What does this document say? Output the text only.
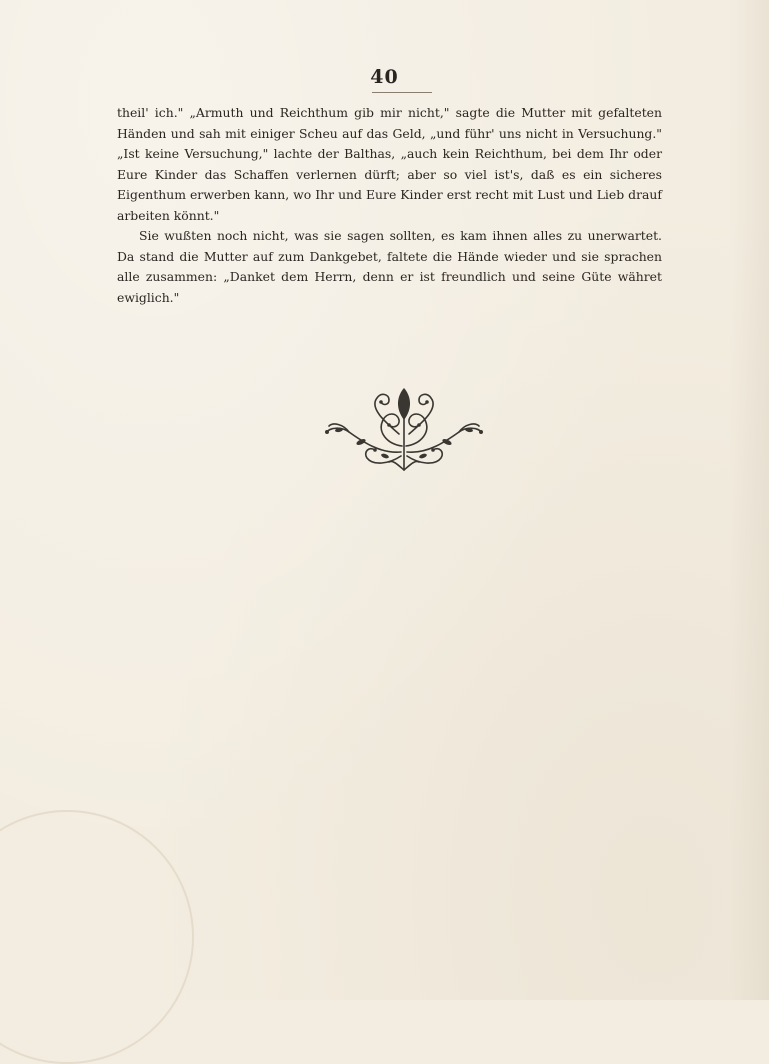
40

theil' ich." „Armuth und Reichthum gib mir nicht," sagte die Mutter mit gefalteten Händen und sah mit einiger Scheu auf das Geld, „und führ' uns nicht in Versuchung." „Ist keine Versuchung," lachte der Balthas, „auch kein Reichthum, bei dem Ihr oder Eure Kinder das Schaffen verlernen dürft; aber so viel ist's, daß es ein sicheres Eigenthum erwerben kann, wo Ihr und Eure Kinder erst recht mit Lust und Lieb drauf arbeiten könnt."

Sie wußten noch nicht, was sie sagen sollten, es kam ihnen alles zu unerwartet. Da stand die Mutter auf zum Dankgebet, faltete die Hände wieder und sie sprachen alle zusammen: „Danket dem Herrn, denn er ist freundlich und seine Güte währet ewiglich."
